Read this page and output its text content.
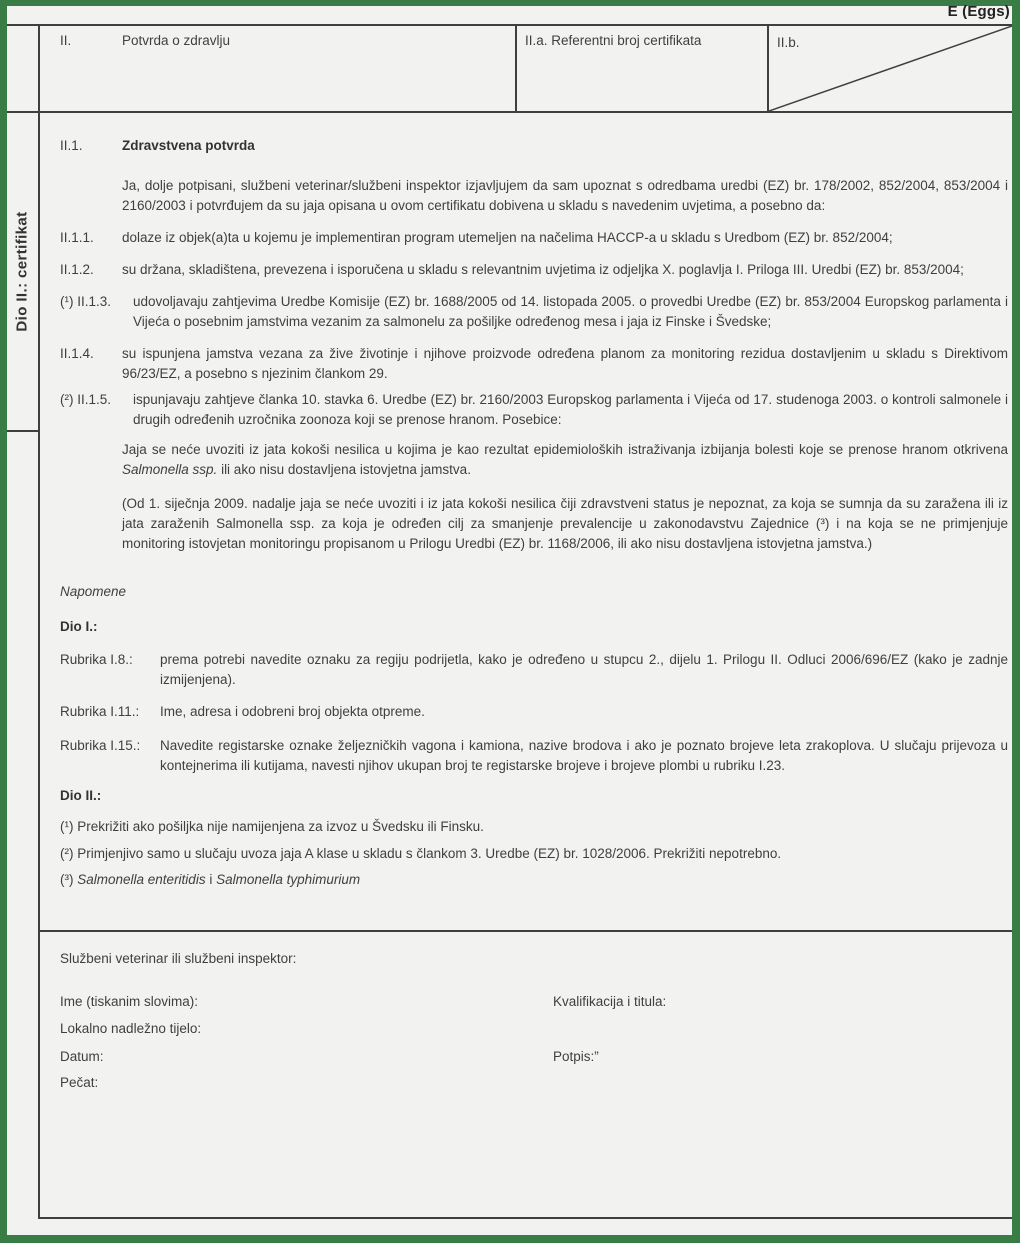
E (Eggs)
Dio II.: certifikat
II.	Potvrda o zdravlju	II.a. Referentni broj certifikata	II.b.
II.1.	Zdravstvena potvrda
Ja, dolje potpisani, službeni veterinar/službeni inspektor izjavljujem da sam upoznat s odredbama uredbi (EZ) br. 178/2002, 852/2004, 853/2004 i 2160/2003 i potvrđujem da su jaja opisana u ovom certifikatu dobivena u skladu s navedenim uvjetima, a posebno da:
II.1.1.	dolaze iz objek(a)ta u kojemu je implementiran program utemeljen na načelima HACCP-a u skladu s Uredbom (EZ) br. 852/2004;
II.1.2.	su držana, skladištena, prevezena i isporučena u skladu s relevantnim uvjetima iz odjeljka X. poglavlja I. Priloga III. Uredbi (EZ) br. 853/2004;
(¹) II.1.3.	udovoljavaju zahtjevima Uredbe Komisije (EZ) br. 1688/2005 od 14. listopada 2005. o provedbi Uredbe (EZ) br. 853/2004 Europskog parlamenta i Vijeća o posebnim jamstvima vezanim za salmonelu za pošiljke određenog mesa i jaja iz Finske i Švedske;
II.1.4.	su ispunjena jamstva vezana za žive životinje i njihove proizvode određena planom za monitoring rezidua dostavljenim u skladu s Direktivom 96/23/EZ, a posebno s njezinim člankom 29.
(²) II.1.5.	ispunjavaju zahtjeve članka 10. stavka 6. Uredbe (EZ) br. 2160/2003 Europskog parlamenta i Vijeća od 17. studenoga 2003. o kontroli salmonele i drugih određenih uzročnika zoonoza koji se prenose hranom. Posebice:
Jaja se neće uvoziti iz jata kokoši nesilica u kojima je kao rezultat epidemioloških istraživanja izbijanja bolesti koje se prenose hranom otkrivena Salmonella ssp. ili ako nisu dostavljena istovjetna jamstva.
(Od 1. siječnja 2009. nadalje jaja se neće uvoziti i iz jata kokoši nesilica čiji zdravstveni status je nepoznat, za koja se sumnja da su zaražena ili iz jata zaraženih Salmonella ssp. za koja je određen cilj za smanjenje prevalencije u zakonodavstvu Zajednice (³) i na koja se ne primjenjuje monitoring istovjetan monitoringu propisanom u Prilogu Uredbi (EZ) br. 1168/2006, ili ako nisu dostavljena istovjetna jamstva.)
Napomene
Dio I.:
Rubrika I.8.:	prema potrebi navedite oznaku za regiju podrijetla, kako je određeno u stupcu 2., dijelu 1. Prilogu II. Odluci 2006/696/EZ (kako je zadnje izmijenjena).
Rubrika I.11.:	Ime, adresa i odobreni broj objekta otpreme.
Rubrika I.15.:	Navedite registarske oznake željezničkih vagona i kamiona, nazive brodova i ako je poznato brojeve leta zrakoplova. U slučaju prijevoza u kontejnerima ili kutijama, navesti njihov ukupan broj te registarske brojeve i brojeve plombi u rubriku I.23.
Dio II.:
(¹) Prekrižiti ako pošiljka nije namijenjena za izvoz u Švedsku ili Finsku.
(²) Primjenjivo samo u slučaju uvoza jaja A klase u skladu s člankom 3. Uredbe (EZ) br. 1028/2006. Prekrižiti nepotrebno.
(³) Salmonella enteritidis i Salmonella typhimurium
Službeni veterinar ili službeni inspektor:
Ime (tiskanim slovima):	Kvalifikacija i titula:
Lokalno nadležno tijelo:
Datum:	Potpis:”
Pečat:
